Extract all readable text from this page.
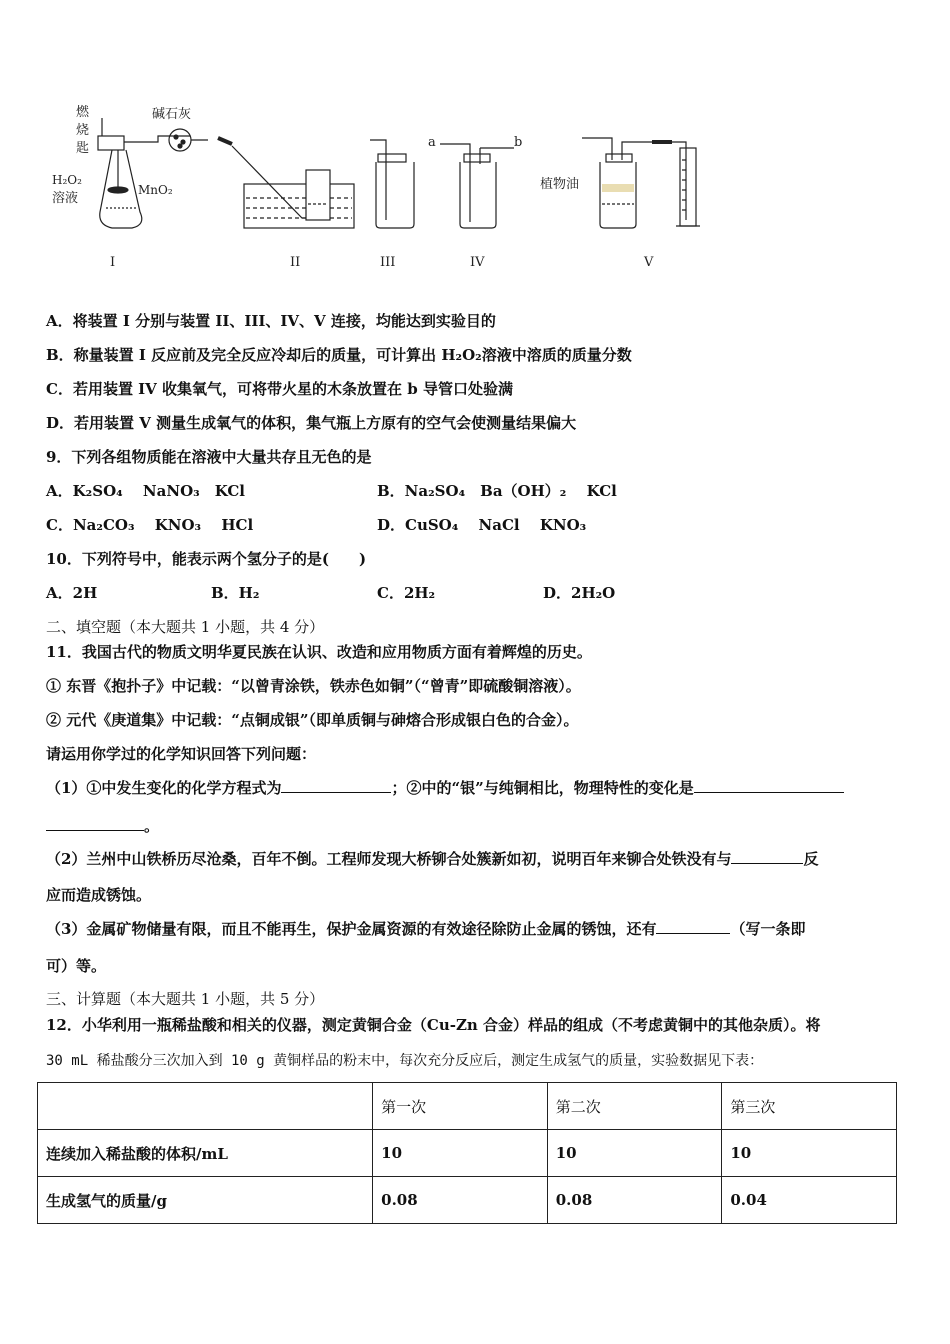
燃
烧
匙
碱石灰
H₂O₂
溶液
MnO₂
I	II	III
a	b
IV
植物油
V
A．将装置 I 分别与装置 II、III、IV、V 连接，均能达到实验目的
B．称量装置 I 反应前及完全反应冷却后的质量，可计算出 H₂O₂溶液中溶质的质量分数
C．若用装置 IV 收集氧气，可将带火星的木条放置在 b 导管口处验满
D．若用装置 V 测量生成氧气的体积，集气瓶上方原有的空气会使测量结果偏大
9．下列各组物质能在溶液中大量共存且无色的是
A．K₂SO₄　 NaNO₃　KCl	B．Na₂SO₄　Ba（OH）₂　 KCl
C．Na₂CO₃　 KNO₃　 HCl	D．CuSO₄　 NaCl　 KNO₃
10．下列符号中，能表示两个氢分子的是(　　)
A．2H	B．H₂	C．2H₂	D．2H₂O
二、填空题（本大题共 1 小题，共 4 分）
11．我国古代的物质文明华夏民族在认识、改造和应用物质方面有着辉煌的历史。
① 东晋《抱扑子》中记载：“以曾青涂铁，铁赤色如铜”（“曾青”即硫酸铜溶液）。
② 元代《庚道集》中记载：“点铜成银”（即单质铜与砷熔合形成银白色的合金）。
请运用你学过的化学知识回答下列问题：
（1）①中发生变化的化学方程式为	；②中的“银”与纯铜相比，物理特性的变化是
。
（2）兰州中山铁桥历尽沧桑，百年不倒。工程师发现大桥铆合处簇新如初，说明百年来铆合处铁没有与	反
应而造成锈蚀。
（3）金属矿物储量有限，而且不能再生，保护金属资源的有效途径除防止金属的锈蚀，还有	（写一条即
可）等。
三、计算题（本大题共 1 小题，共 5 分）
12．小华利用一瓶稀盐酸和相关的仪器，测定黄铜合金（Cu-Zn 合金）样品的组成（不考虑黄铜中的其他杂质）。将
30 mL 稀盐酸分三次加入到 10 g 黄铜样品的粉末中，每次充分反应后，测定生成氢气的质量，实验数据见下表：
	第一次	第二次	第三次
连续加入稀盐酸的体积/mL	10	10	10
生成氢气的质量/g	0.08	0.08	0.04
